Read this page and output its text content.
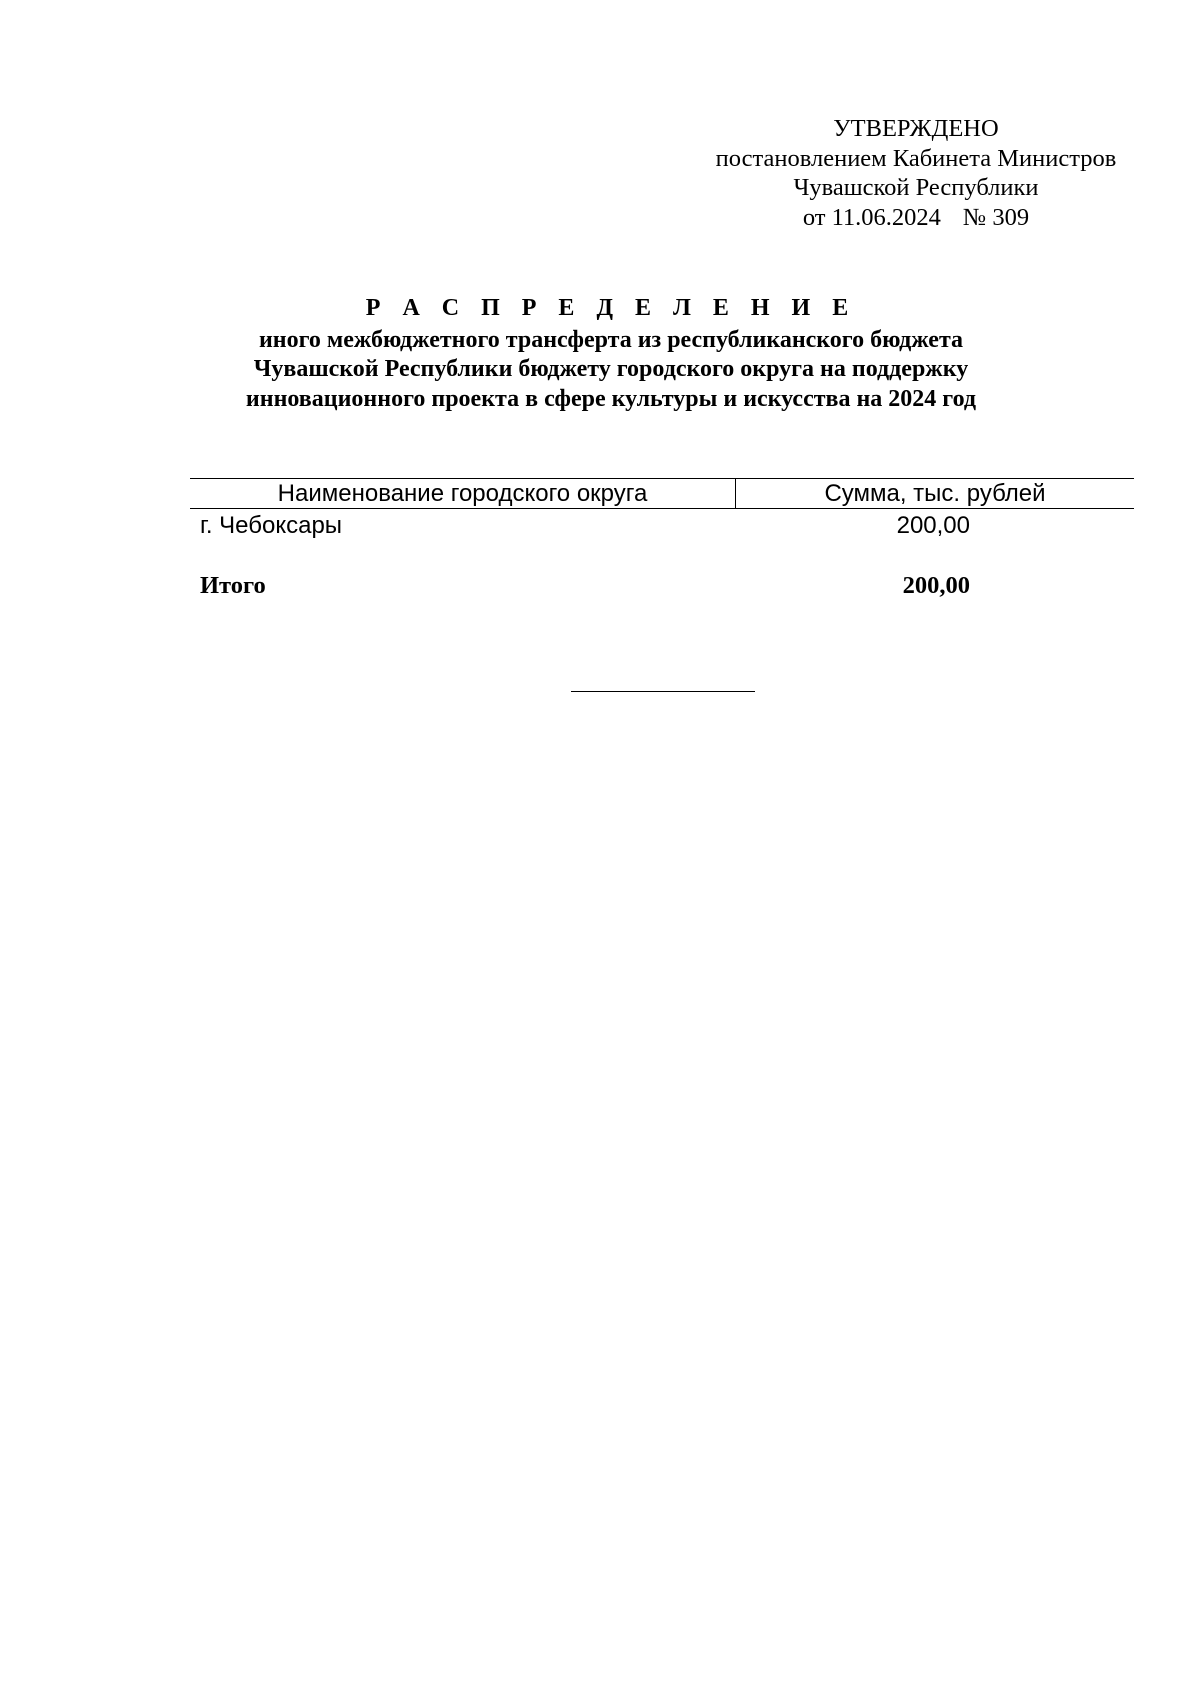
УТВЕРЖДЕНО
постановлением Кабинета Министров
Чувашской Республики
от 11.06.2024 № 309
Р А С П Р Е Д Е Л Е Н И Е
иного межбюджетного трансферта из республиканского бюджета
Чувашской Республики бюджету городского округа на поддержку
инновационного проекта в сфере культуры и искусства на 2024 год
Наименование городского округа	Сумма, тыс. рублей
г. Чебоксары	200,00
Итого	200,00
